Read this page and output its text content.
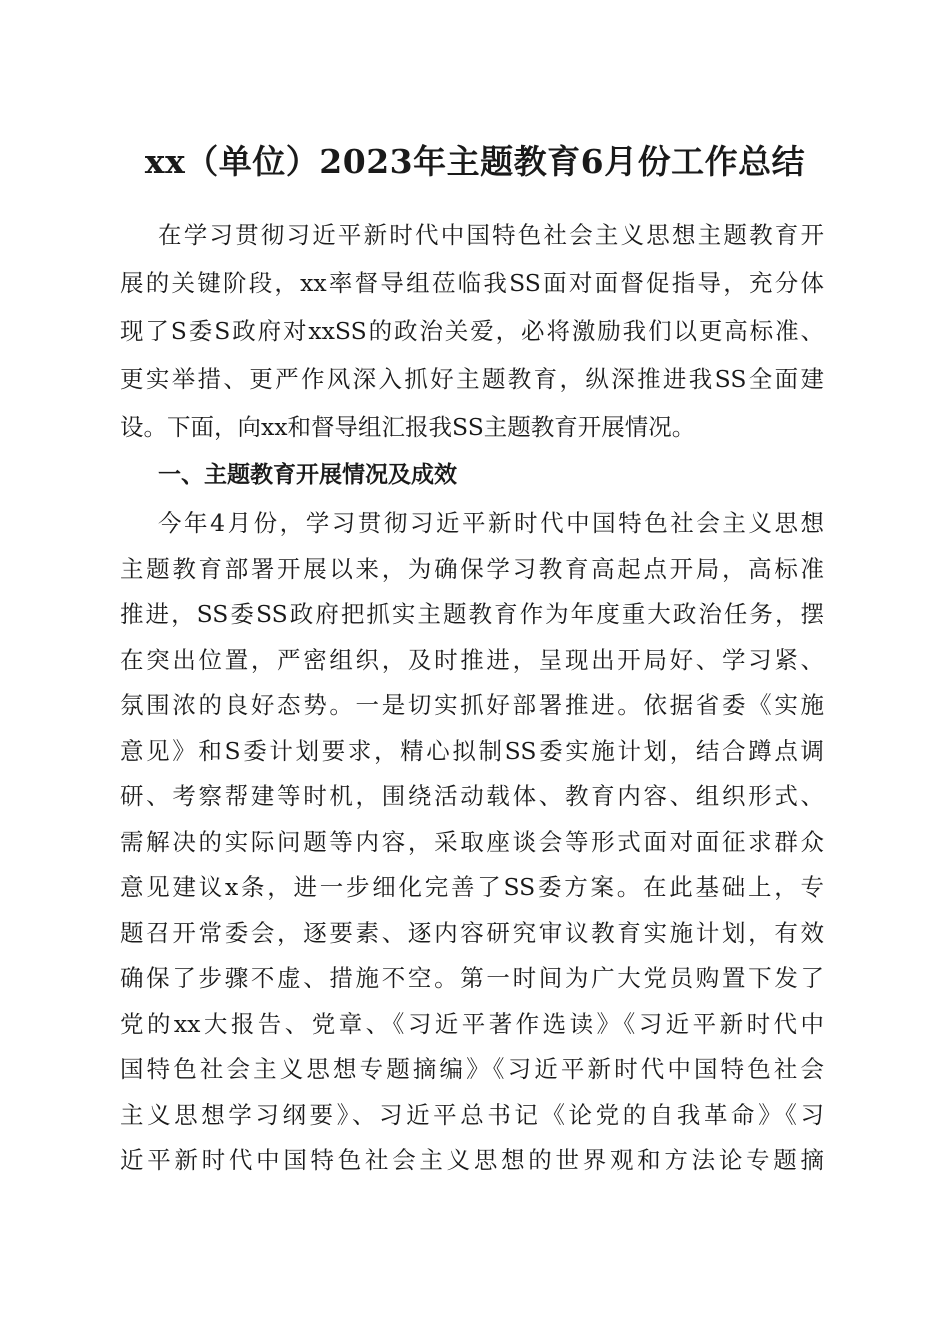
xx（单位）2023年主题教育6月份工作总结

在学习贯彻习近平新时代中国特色社会主义思想主题教育开

展的关键阶段，xx率督导组莅临我SS面对面督促指导，充分体

现了S委S政府对xxSS的政治关爱，必将激励我们以更高标准、

更实举措、更严作风深入抓好主题教育，纵深推进我SS全面建

设。下面，向xx和督导组汇报我SS主题教育开展情况。

一、主题教育开展情况及成效

今年4月份，学习贯彻习近平新时代中国特色社会主义思想

主题教育部署开展以来，为确保学习教育高起点开局，高标准

推进，SS委SS政府把抓实主题教育作为年度重大政治任务，摆

在突出位置，严密组织，及时推进，呈现出开局好、学习紧、

氛围浓的良好态势。一是切实抓好部署推进。依据省委《实施

意见》和S委计划要求，精心拟制SS委实施计划，结合蹲点调

研、考察帮建等时机，围绕活动载体、教育内容、组织形式、

需解决的实际问题等内容，采取座谈会等形式面对面征求群众

意见建议x条，进一步细化完善了SS委方案。在此基础上，专

题召开常委会，逐要素、逐内容研究审议教育实施计划，有效

确保了步骤不虚、措施不空。第一时间为广大党员购置下发了

党的xx大报告、党章、《习近平著作选读》《习近平新时代中

国特色社会主义思想专题摘编》《习近平新时代中国特色社会

主义思想学习纲要》、习近平总书记《论党的自我革命》《习

近平新时代中国特色社会主义思想的世界观和方法论专题摘
